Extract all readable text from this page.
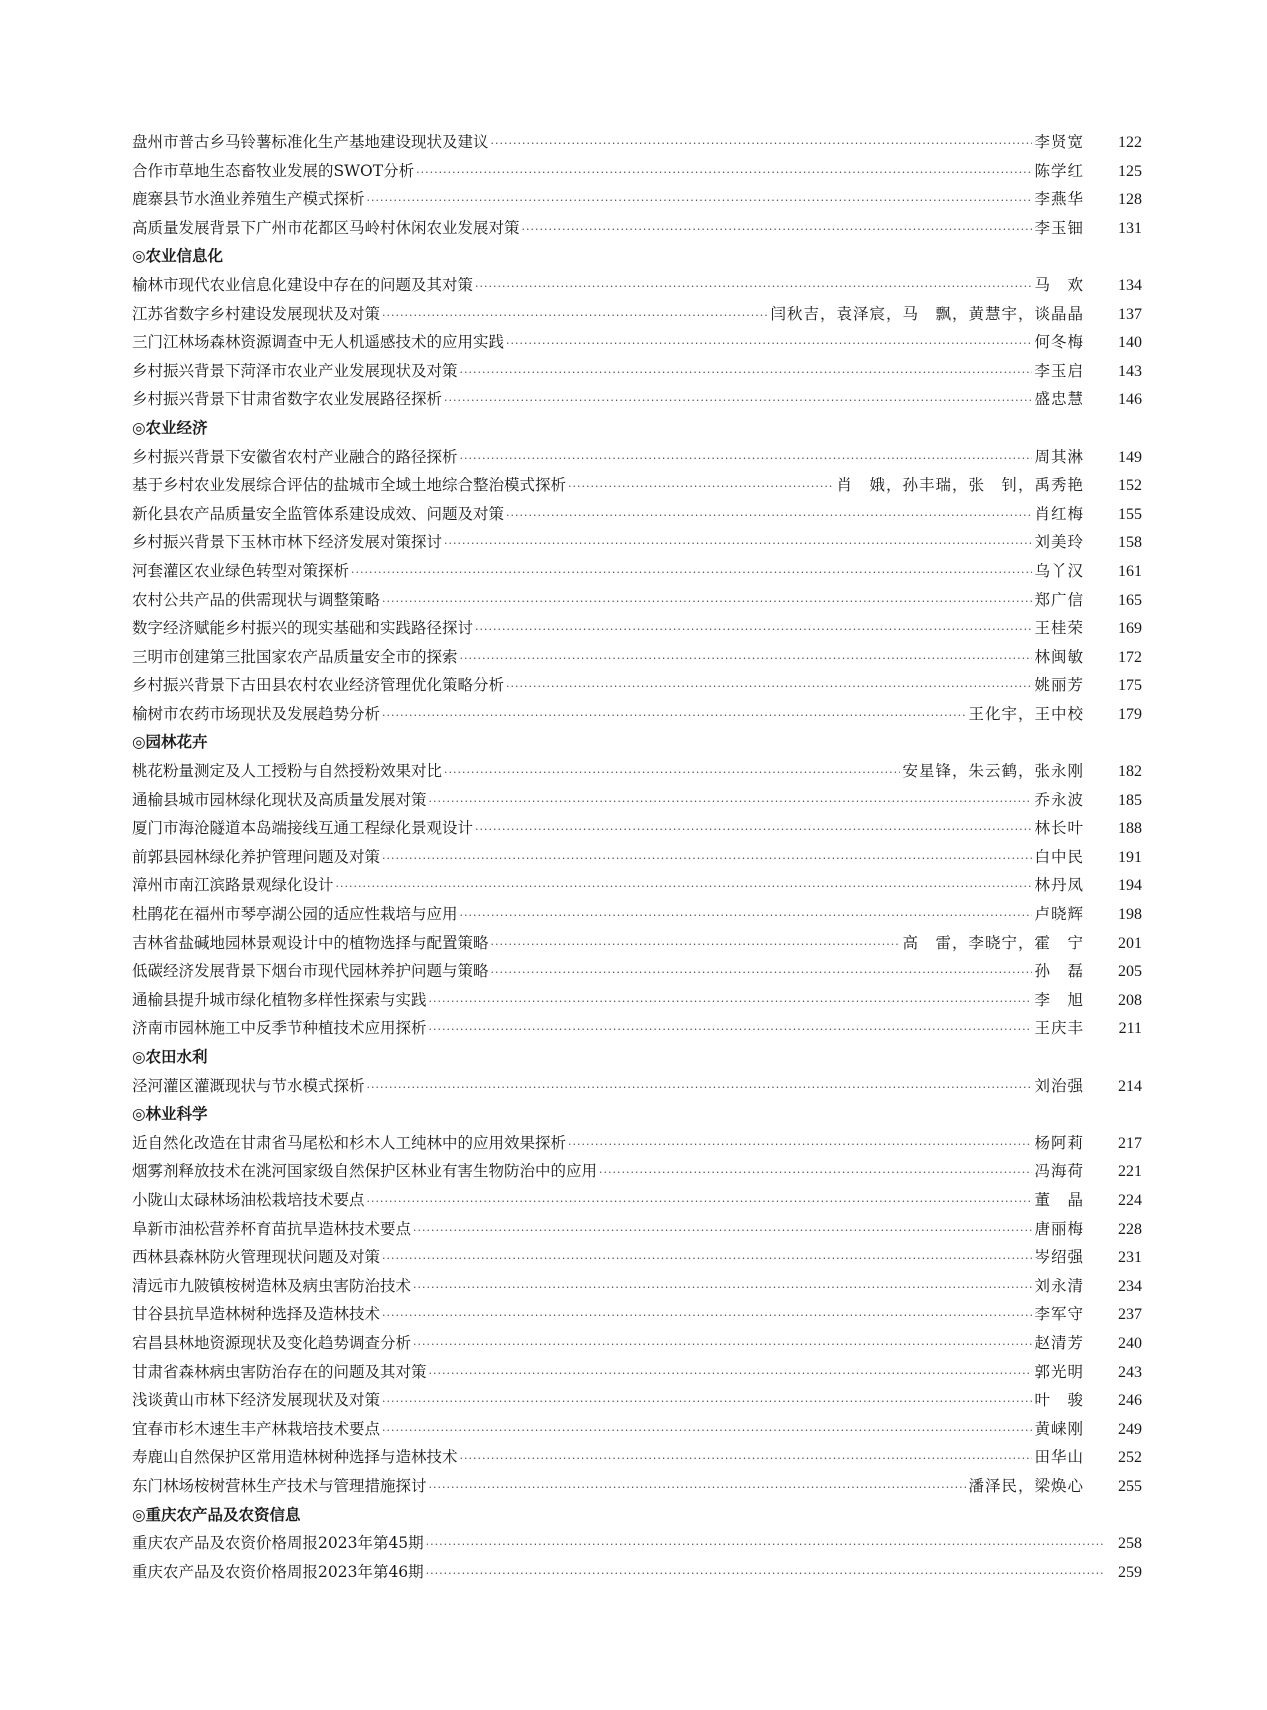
盘州市普古乡马铃薯标准化生产基地建设现状及建议 ·····	李贤宽	122
合作市草地生态畜牧业发展的SWOT分析 ·····	陈学红	125
鹿寨县节水渔业养殖生产模式探析 ·····	李燕华	128
高质量发展背景下广州市花都区马岭村休闲农业发展对策 ·····	李玉钿	131
◎农业信息化
榆林市现代农业信息化建设中存在的问题及其对策 ·····	马　欢	134
江苏省数字乡村建设发展现状及对策 ·····	闫秋吉，袁泽宸，马　飘，黄慧宇，谈晶晶	137
三门江林场森林资源调查中无人机遥感技术的应用实践 ·····	何冬梅	140
乡村振兴背景下菏泽市农业产业发展现状及对策 ·····	李玉启	143
乡村振兴背景下甘肃省数字农业发展路径探析 ·····	盛忠慧	146
◎农业经济
乡村振兴背景下安徽省农村产业融合的路径探析 ·····	周其淋	149
基于乡村农业发展综合评估的盐城市全域土地综合整治模式探析 ·····	肖　娥，孙丰瑞，张　钊，禹秀艳	152
新化县农产品质量安全监管体系建设成效、问题及对策 ·····	肖红梅	155
乡村振兴背景下玉林市林下经济发展对策探讨 ·····	刘美玲	158
河套灌区农业绿色转型对策探析 ·····	乌丫汉	161
农村公共产品的供需现状与调整策略 ·····	郑广信	165
数字经济赋能乡村振兴的现实基础和实践路径探讨 ·····	王桂荣	169
三明市创建第三批国家农产品质量安全市的探索 ·····	林闽敏	172
乡村振兴背景下古田县农村农业经济管理优化策略分析 ·····	姚丽芳	175
榆树市农药市场现状及发展趋势分析 ·····	王化宇，王中校	179
◎园林花卉
桃花粉量测定及人工授粉与自然授粉效果对比 ·····	安星锋，朱云鹤，张永刚	182
通榆县城市园林绿化现状及高质量发展对策 ·····	乔永波	185
厦门市海沧隧道本岛端接线互通工程绿化景观设计 ·····	林长叶	188
前郭县园林绿化养护管理问题及对策 ·····	白中民	191
漳州市南江滨路景观绿化设计 ·····	林丹凤	194
杜鹃花在福州市琴亭湖公园的适应性栽培与应用 ·····	卢晓辉	198
吉林省盐碱地园林景观设计中的植物选择与配置策略 ·····	高　雷，李晓宁，霍　宁	201
低碳经济发展背景下烟台市现代园林养护问题与策略 ·····	孙　磊	205
通榆县提升城市绿化植物多样性探索与实践 ·····	李　旭	208
济南市园林施工中反季节种植技术应用探析 ·····	王庆丰	211
◎农田水利
泾河灌区灌溉现状与节水模式探析 ·····	刘治强	214
◎林业科学
近自然化改造在甘肃省马尾松和杉木人工纯林中的应用效果探析 ·····	杨阿莉	217
烟雾剂释放技术在洮河国家级自然保护区林业有害生物防治中的应用 ·····	冯海荷	221
小陇山太碌林场油松栽培技术要点 ·····	董　晶	224
阜新市油松营养杯育苗抗旱造林技术要点 ·····	唐丽梅	228
西林县森林防火管理现状问题及对策 ·····	岑绍强	231
清远市九陂镇桉树造林及病虫害防治技术 ·····	刘永清	234
甘谷县抗旱造林树种选择及造林技术 ·····	李军守	237
宕昌县林地资源现状及变化趋势调查分析 ·····	赵清芳	240
甘肃省森林病虫害防治存在的问题及其对策 ·····	郭光明	243
浅谈黄山市林下经济发展现状及对策 ·····	叶　骏	246
宜春市杉木速生丰产林栽培技术要点 ·····	黄崃刚	249
寿鹿山自然保护区常用造林树种选择与造林技术 ·····	田华山	252
东门林场桉树营林生产技术与管理措施探讨 ·····	潘泽民，梁焕心	255
◎重庆农产品及农资信息
重庆农产品及农资价格周报2023年第45期 ·····	258
重庆农产品及农资价格周报2023年第46期 ·····	259
